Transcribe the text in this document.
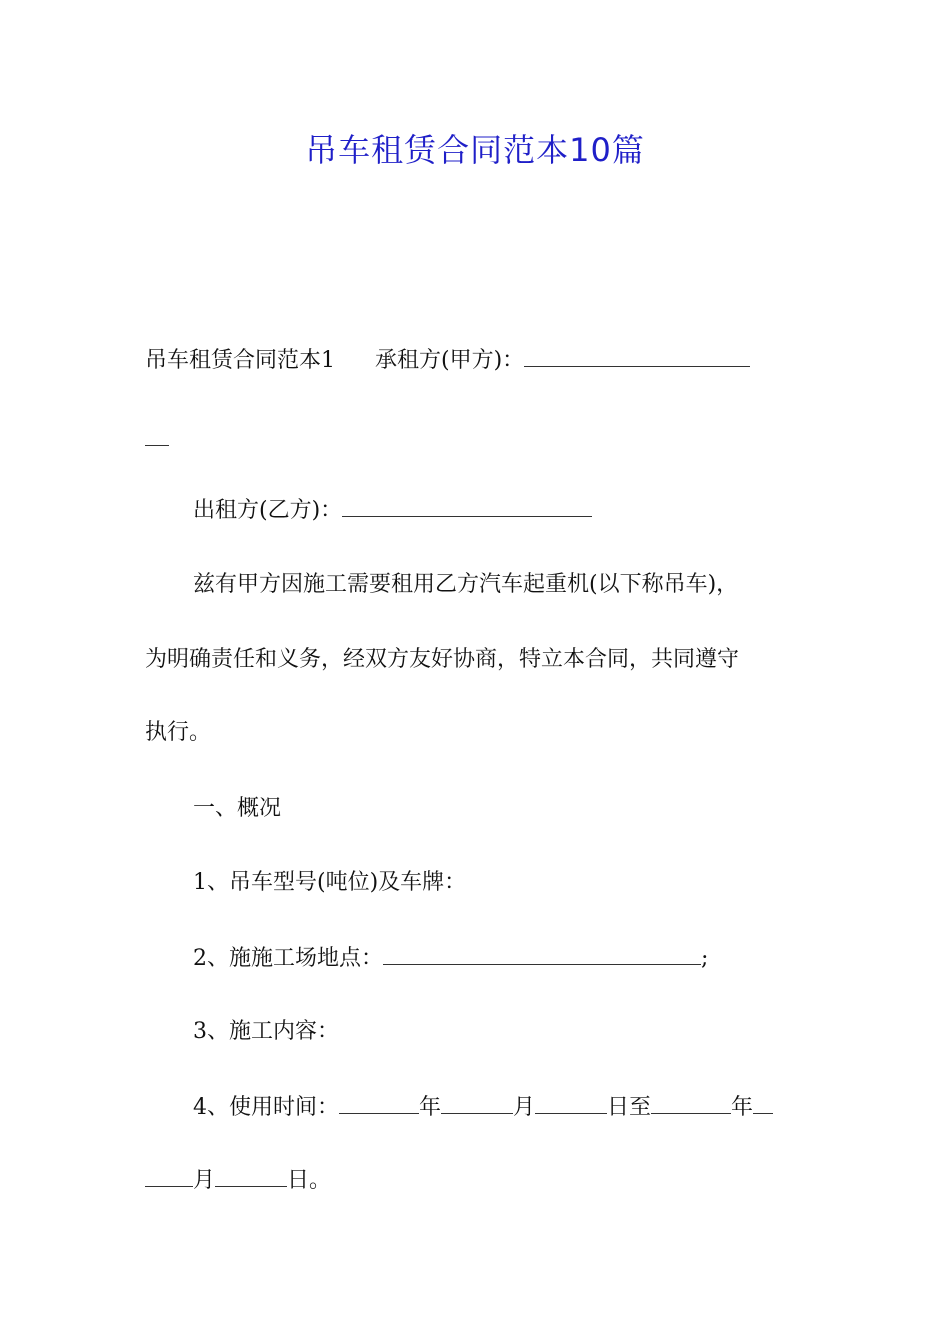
吊车租赁合同范本10篇
吊车租赁合同范本1 承租方(甲方)：
出租方(乙方)：
兹有甲方因施工需要租用乙方汽车起重机(以下称吊车)，
为明确责任和义务，经双方友好协商，特立本合同，共同遵守
执行。
一、概况
1、吊车型号(吨位)及车牌：
2、施施工场地点：	;
3、施工内容：
4、使用时间：	年	月	日至	年
月	日。
